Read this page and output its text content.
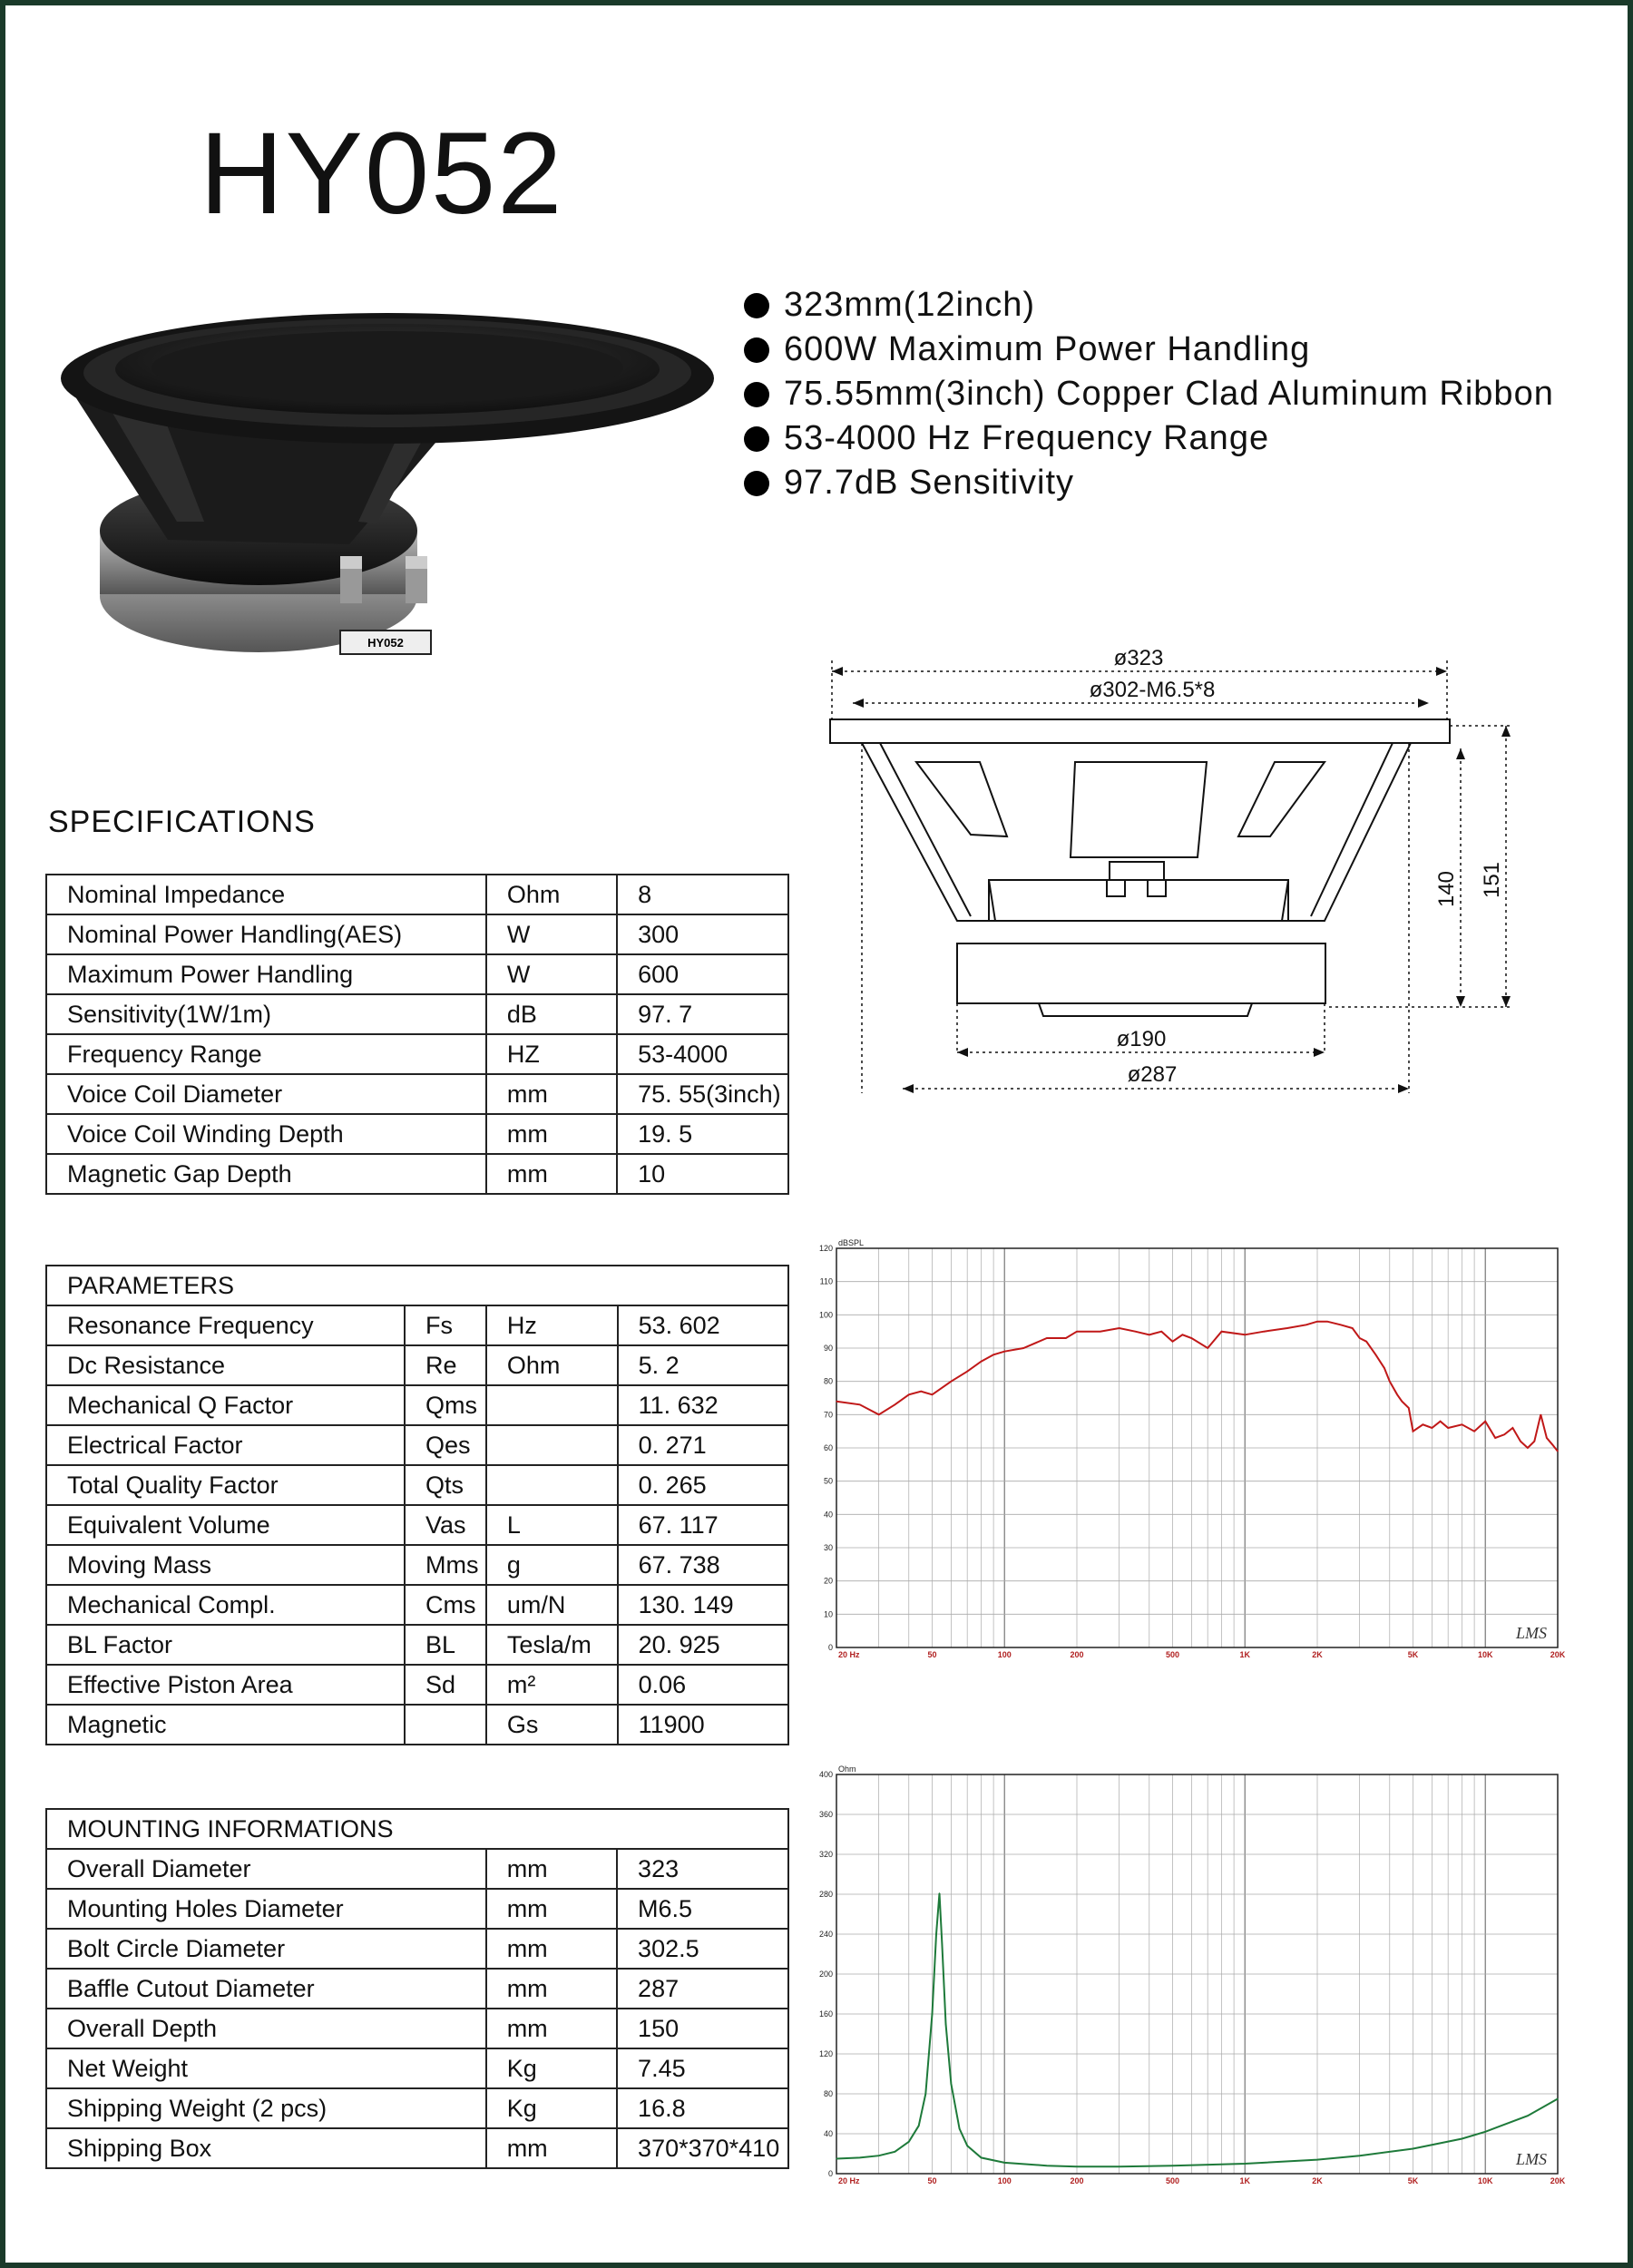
HY052
HY052
323mm(12inch)
600W Maximum Power Handling
75.55mm(3inch) Copper Clad Aluminum Ribbon
53-4000 Hz Frequency Range
97.7dB Sensitivity
SPECIFICATIONS
Nominal Impedance	Ohm	8
Nominal Power Handling(AES)	W	300
Maximum Power Handling	W	600
Sensitivity(1W/1m)	dB	97. 7
Frequency Range	HZ	53-4000
Voice Coil Diameter	mm	75. 55(3inch)
Voice Coil Winding Depth	mm	19. 5
Magnetic Gap Depth	mm	10
PARAMETERS			
Resonance Frequency	Fs	Hz	53. 602
Dc Resistance	Re	Ohm	5. 2
Mechanical Q Factor	Qms		11. 632
Electrical Factor	Qes		0. 271
Total Quality Factor	Qts		0. 265
Equivalent Volume	Vas	L	67. 117
Moving Mass	Mms	g	67. 738
Mechanical Compl.	Cms	um/N	130. 149
BL Factor	BL	Tesla/m	20. 925
Effective Piston Area	Sd	m²	0.06
Magnetic		Gs	11900
MOUNTING INFORMATIONS		
Overall Diameter	mm	323
Mounting Holes Diameter	mm	M6.5
Bolt Circle Diameter	mm	302.5
Baffle Cutout Diameter	mm	287
Overall Depth	mm	150
Net Weight	Kg	7.45
Shipping Weight (2 pcs)	Kg	16.8
Shipping Box	mm	370*370*410
ø323
ø302-M6.5*8
ø190
ø287
140 151
0
10
20
30
40
50
60
70
80
90
100
110
120
dBSPL
20 Hz	50	100	200	500	1K	2K	5K	10K	20K
LMS
0
40
80
120
160
200
240
280
320
360
400
Ohm
20 Hz	50	100	200	500	1K	2K	5K	10K	20K
LMS
